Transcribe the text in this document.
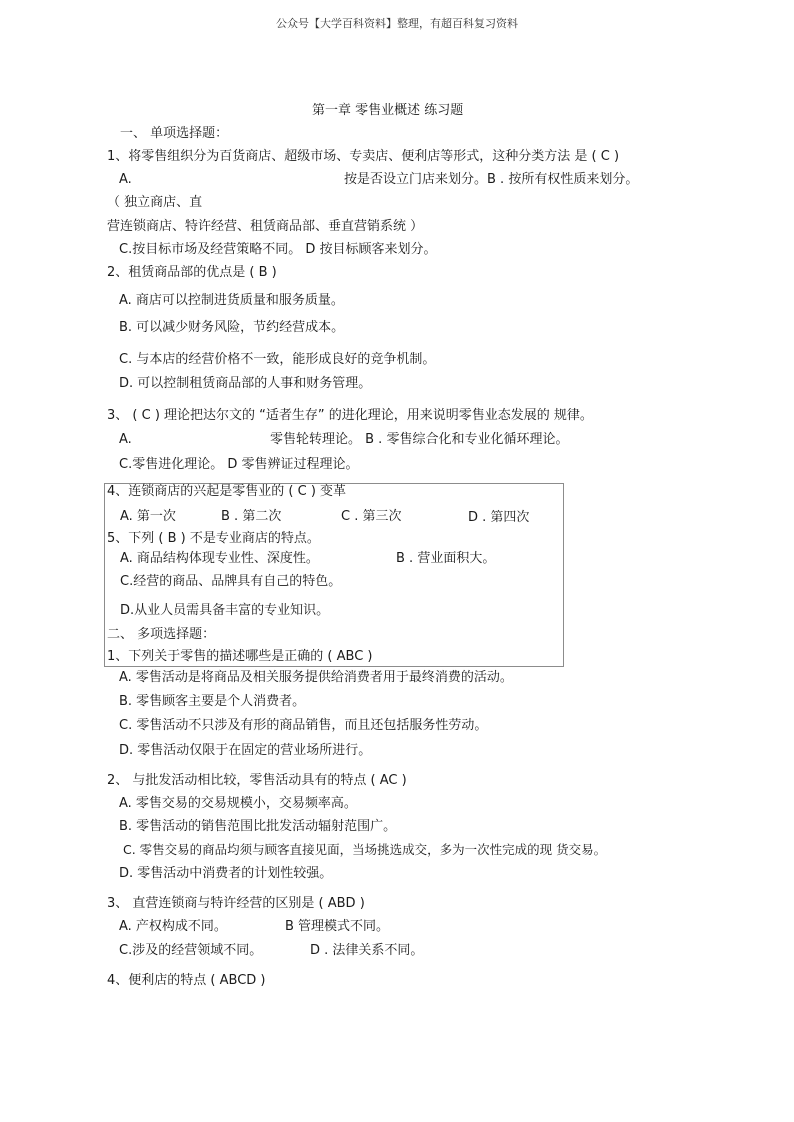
公众号【大学百科资料】整理，有超百科复习资料
第一章 零售业概述 练习题
一、 单项选择题：
1、将零售组织分为百货商店、超级市场、专卖店、便利店等形式，这种分类方法 是 ( C )
A.	按是否设立门店来划分。B . 按所有权性质来划分。
（ 独立商店、直
营连锁商店、特许经营、租赁商品部、垂直营销系统 ）
C.按目标市场及经营策略不同。 D 按目标顾客来划分。
2、租赁商品部的优点是 ( B )
A. 商店可以控制进货质量和服务质量。
B. 可以减少财务风险，节约经营成本。
C. 与本店的经营价格不一致，能形成良好的竞争机制。
D. 可以控制租赁商品部的人事和财务管理。
3、 ( C ) 理论把达尔文的 “适者生存” 的进化理论，用来说明零售业态发展的 规律。
A.	零售轮转理论。 B . 零售综合化和专业化循环理论。
C.零售进化理论。 D 零售辨证过程理论。
4、连锁商店的兴起是零售业的 ( C ) 变革
A. 第一次	B . 第二次	C . 第三次	D . 第四次
5、下列 ( B ) 不是专业商店的特点。
A. 商品结构体现专业性、深度性。	B . 营业面积大。
C.经营的商品、品牌具有自己的特色。
D.从业人员需具备丰富的专业知识。
二、 多项选择题：
1、下列关于零售的描述哪些是正确的 ( ABC )
A. 零售活动是将商品及相关服务提供给消费者用于最终消费的活动。
B. 零售顾客主要是个人消费者。
C. 零售活动不只涉及有形的商品销售，而且还包括服务性劳动。
D. 零售活动仅限于在固定的营业场所进行。
2、 与批发活动相比较，零售活动具有的特点 ( AC )
A. 零售交易的交易规模小，交易频率高。
B. 零售活动的销售范围比批发活动辐射范围广。
C. 零售交易的商品均须与顾客直接见面，当场挑选成交，多为一次性完成的现 货交易。
D. 零售活动中消费者的计划性较强。
3、 直营连锁商与特许经营的区别是 ( ABD )
A. 产权构成不同。	B 管理模式不同。
C.涉及的经营领域不同。	D . 法律关系不同。
4、便利店的特点 ( ABCD )
